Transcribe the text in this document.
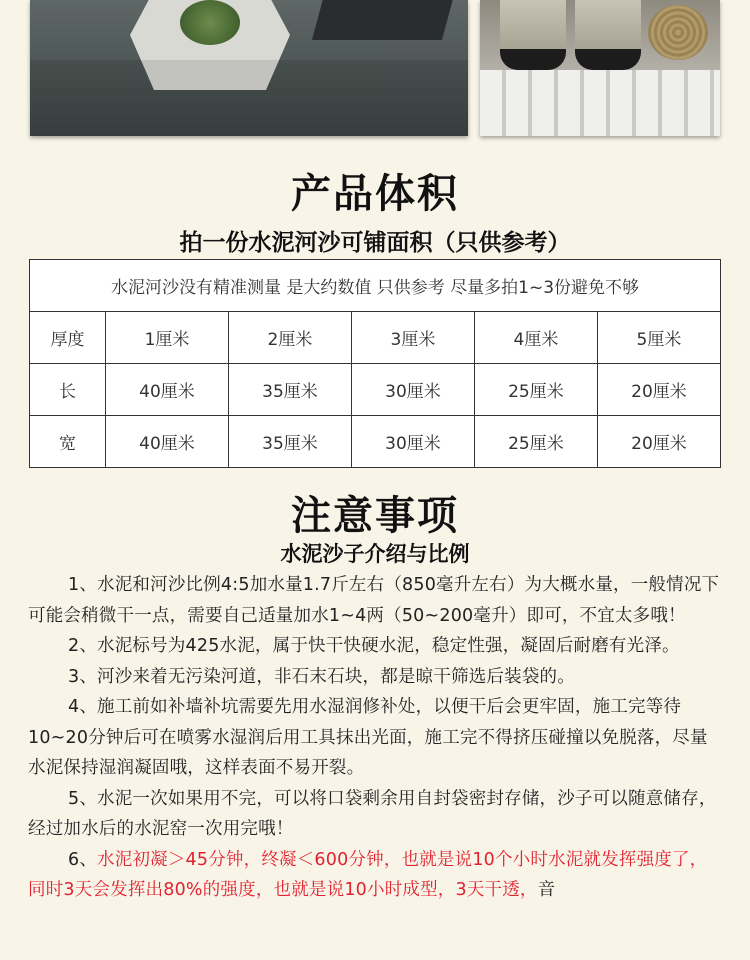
产品体积
拍一份水泥河沙可铺面积（只供参考）
水泥河沙没有精准测量 是大约数值 只供参考 尽量多拍1~3份避免不够					
厚度	1厘米	2厘米	3厘米	4厘米	5厘米
长	40厘米	35厘米	30厘米	25厘米	20厘米
宽	40厘米	35厘米	30厘米	25厘米	20厘米
注意事项
水泥沙子介绍与比例

1、水泥和河沙比例4:5加水量1.7斤左右（850毫升左右）为大概水量，一般情况下可能会稍微干一点，需要自己适量加水1~4两（50~200毫升）即可，不宜太多哦！

2、水泥标号为425水泥，属于快干快硬水泥，稳定性强，凝固后耐磨有光泽。

3、河沙来着无污染河道，非石末石块，都是晾干筛选后装袋的。

4、施工前如补墙补坑需要先用水湿润修补处，以便干后会更牢固，施工完等待10~20分钟后可在喷雾水湿润后用工具抹出光面，施工完不得挤压碰撞以免脱落，尽量水泥保持湿润凝固哦，这样表面不易开裂。

5、水泥一次如果用不完，可以将口袋剩余用自封袋密封存储，沙子可以随意储存，经过加水后的水泥窑一次用完哦！

6、水泥初凝＞45分钟，终凝＜600分钟，也就是说10个小时水泥就发挥强度了，同时3天会发挥出80%的强度，也就是说10小时成型，3天干透，音
